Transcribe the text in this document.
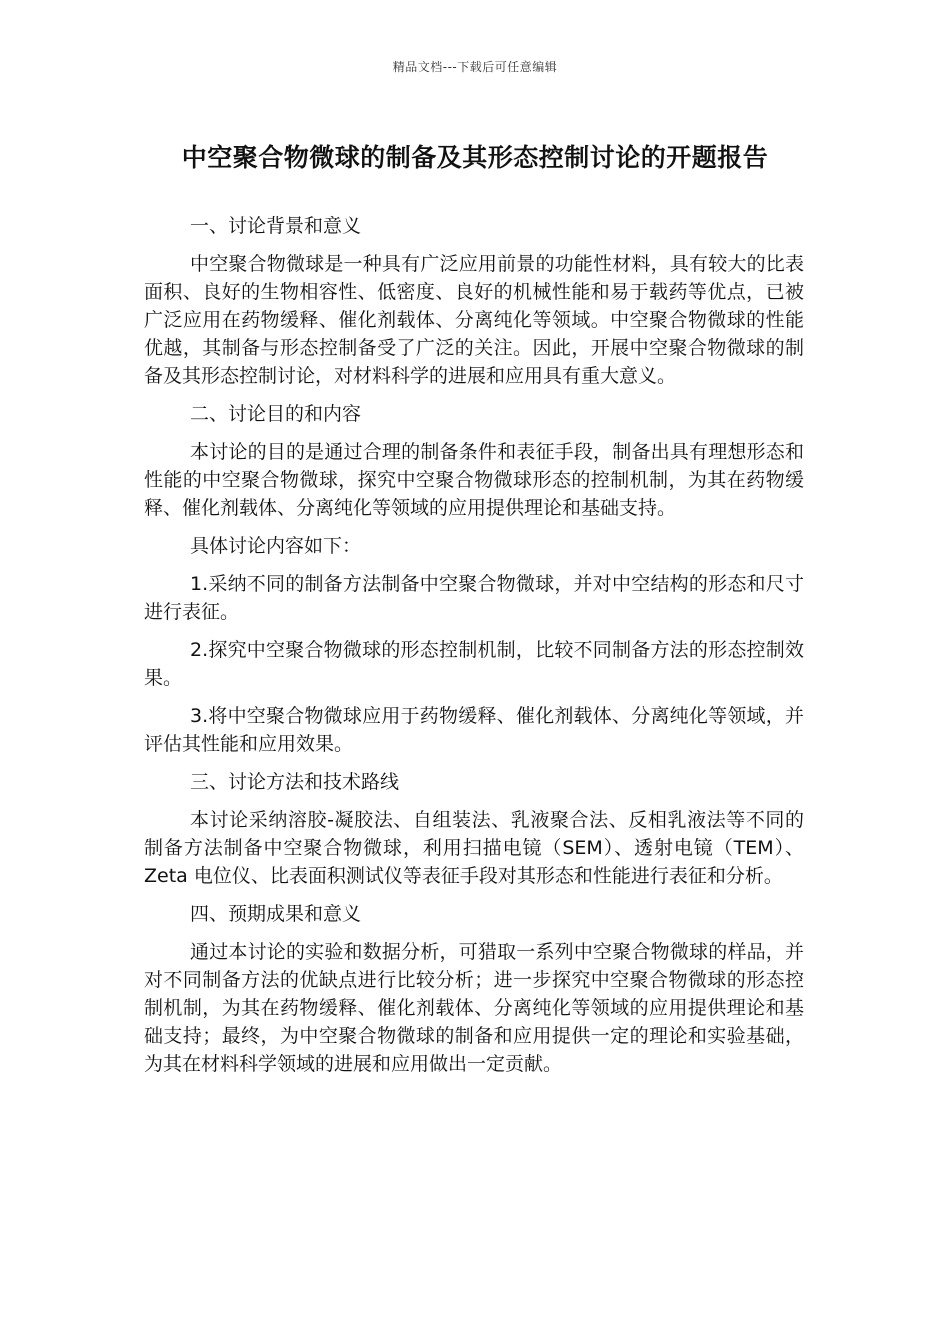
精品文档---下载后可任意编辑
中空聚合物微球的制备及其形态控制讨论的开题报告

一、讨论背景和意义

中空聚合物微球是一种具有广泛应用前景的功能性材料，具有较大的比表面积、良好的生物相容性、低密度、良好的机械性能和易于载药等优点，已被广泛应用在药物缓释、催化剂载体、分离纯化等领域。中空聚合物微球的性能优越，其制备与形态控制备受了广泛的关注。因此，开展中空聚合物微球的制备及其形态控制讨论，对材料科学的进展和应用具有重大意义。

二、讨论目的和内容

本讨论的目的是通过合理的制备条件和表征手段，制备出具有理想形态和性能的中空聚合物微球，探究中空聚合物微球形态的控制机制，为其在药物缓释、催化剂载体、分离纯化等领域的应用提供理论和基础支持。

具体讨论内容如下：

1.采纳不同的制备方法制备中空聚合物微球，并对中空结构的形态和尺寸进行表征。

2.探究中空聚合物微球的形态控制机制，比较不同制备方法的形态控制效果。

3.将中空聚合物微球应用于药物缓释、催化剂载体、分离纯化等领域，并评估其性能和应用效果。

三、讨论方法和技术路线

本讨论采纳溶胶-凝胶法、自组装法、乳液聚合法、反相乳液法等不同的制备方法制备中空聚合物微球，利用扫描电镜（SEM）、透射电镜（TEM）、Zeta 电位仪、比表面积测试仪等表征手段对其形态和性能进行表征和分析。

四、预期成果和意义

通过本讨论的实验和数据分析，可猎取一系列中空聚合物微球的样品，并对不同制备方法的优缺点进行比较分析；进一步探究中空聚合物微球的形态控制机制，为其在药物缓释、催化剂载体、分离纯化等领域的应用提供理论和基础支持；最终，为中空聚合物微球的制备和应用提供一定的理论和实验基础，为其在材料科学领域的进展和应用做出一定贡献。
